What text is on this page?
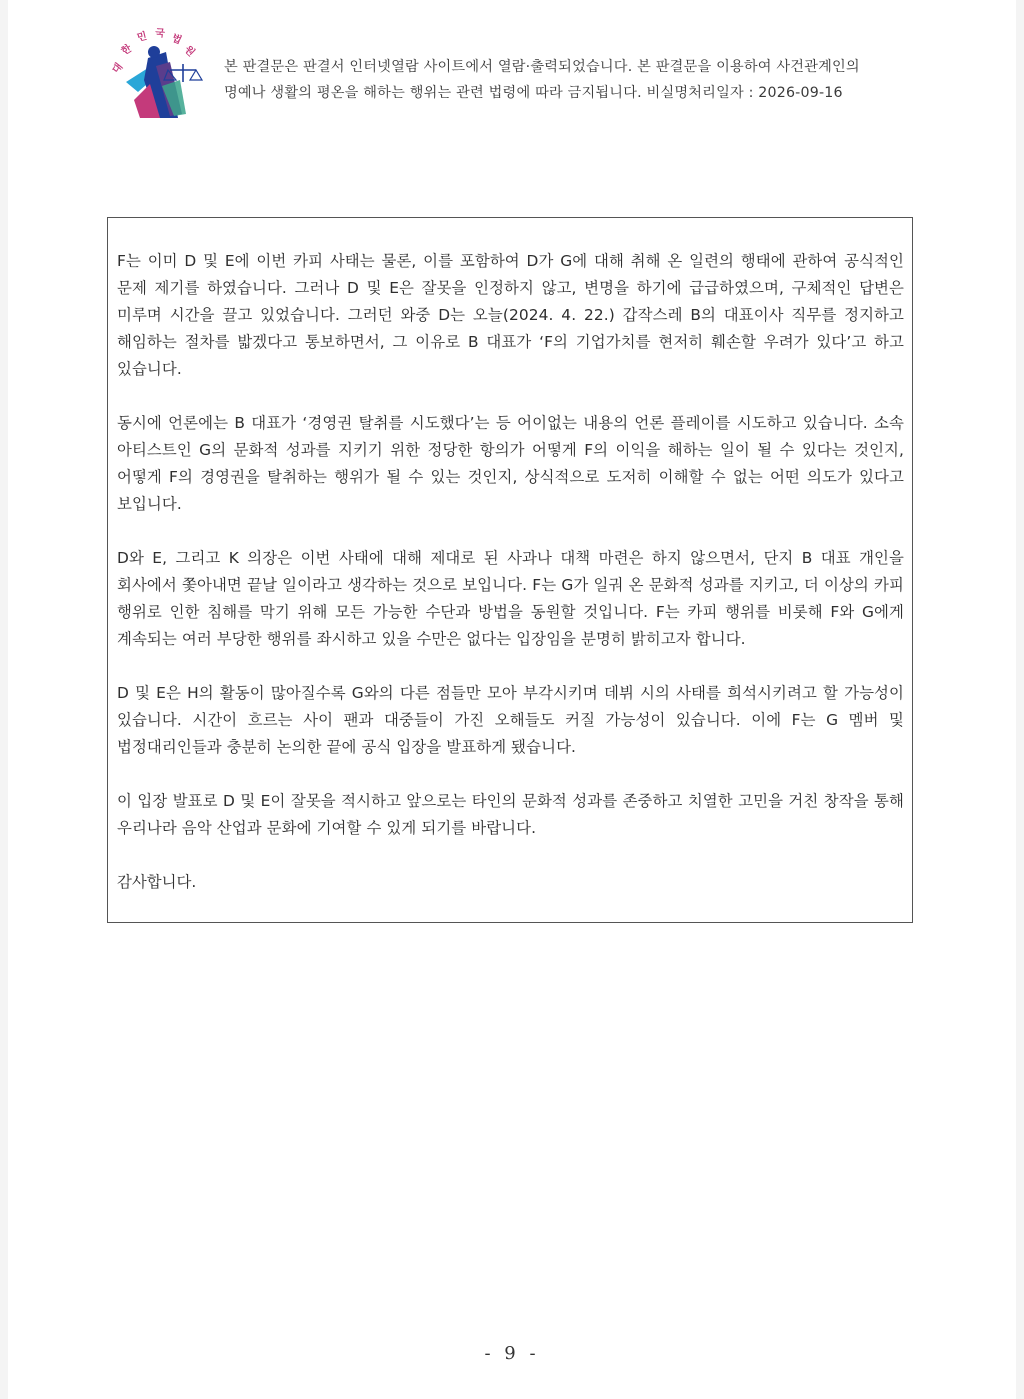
대
한
민 국 법
원
본 판결문은 판결서 인터넷열람 사이트에서 열람·출력되었습니다. 본 판결문을 이용하여 사건관계인의
명예나 생활의 평온을 해하는 행위는 관련 법령에 따라 금지됩니다. 비실명처리일자 : 2026-09-16

F는 이미 D 및 E에 이번 카피 사태는 물론, 이를 포함하여 D가 G에 대해 취해 온 일련의 행태에 관하여 공식적인 문제 제기를 하였습니다. 그러나 D 및 E은 잘못을 인정하지 않고, 변명을 하기에 급급하였으며, 구체적인 답변은 미루며 시간을 끌고 있었습니다. 그러던 와중 D는 오늘(2024. 4. 22.) 갑작스레 B의 대표이사 직무를 정지하고 해임하는 절차를 밟겠다고 통보하면서, 그 이유로 B 대표가 ‘F의 기업가치를 현저히 훼손할 우려가 있다’고 하고 있습니다.

동시에 언론에는 B 대표가 ‘경영권 탈취를 시도했다’는 등 어이없는 내용의 언론 플레이를 시도하고 있습니다. 소속 아티스트인 G의 문화적 성과를 지키기 위한 정당한 항의가 어떻게 F의 이익을 해하는 일이 될 수 있다는 것인지, 어떻게 F의 경영권을 탈취하는 행위가 될 수 있는 것인지, 상식적으로 도저히 이해할 수 없는 어떤 의도가 있다고 보입니다.

D와 E, 그리고 K 의장은 이번 사태에 대해 제대로 된 사과나 대책 마련은 하지 않으면서, 단지 B 대표 개인을 회사에서 쫓아내면 끝날 일이라고 생각하는 것으로 보입니다. F는 G가 일궈 온 문화적 성과를 지키고, 더 이상의 카피 행위로 인한 침해를 막기 위해 모든 가능한 수단과 방법을 동원할 것입니다. F는 카피 행위를 비롯해 F와 G에게 계속되는 여러 부당한 행위를 좌시하고 있을 수만은 없다는 입장임을 분명히 밝히고자 합니다.

D 및 E은 H의 활동이 많아질수록 G와의 다른 점들만 모아 부각시키며 데뷔 시의 사태를 희석시키려고 할 가능성이 있습니다. 시간이 흐르는 사이 팬과 대중들이 가진 오해들도 커질 가능성이 있습니다. 이에 F는 G 멤버 및 법정대리인들과 충분히 논의한 끝에 공식 입장을 발표하게 됐습니다.

이 입장 발표로 D 및 E이 잘못을 적시하고 앞으로는 타인의 문화적 성과를 존중하고 치열한 고민을 거친 창작을 통해 우리나라 음악 산업과 문화에 기여할 수 있게 되기를 바랍니다.

감사합니다.

- 9 -
